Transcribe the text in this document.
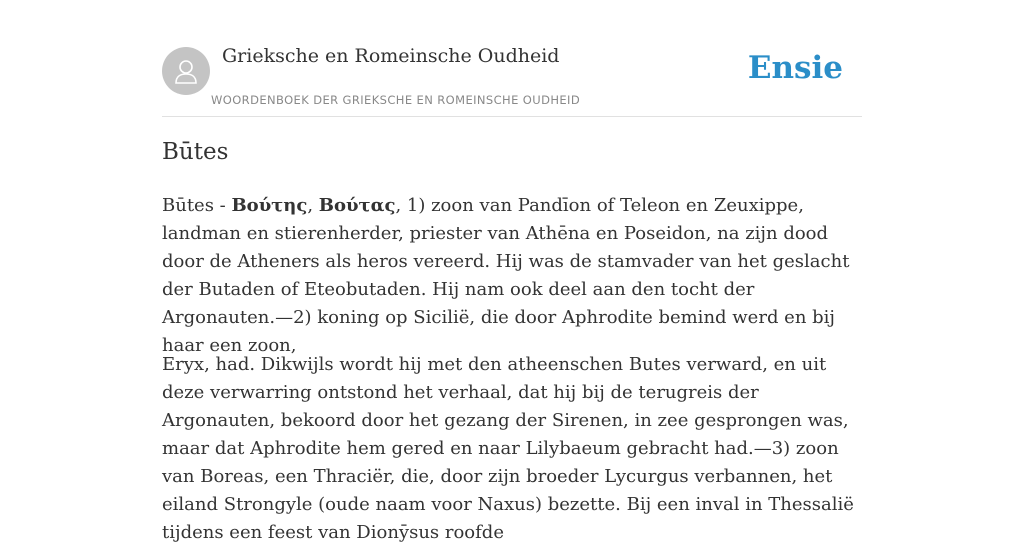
Grieksche en Romeinsche Oudheid
WOORDENBOEK DER GRIEKSCHE EN ROMEINSCHE OUDHEID
Ensie
Būtes

Būtes - Βούτης, Βούτας, 1) zoon van Pandīon of Teleon en Zeuxippe, landman en stierenherder, priester van Athēna en Poseidon, na zijn dood door de Atheners als heros vereerd. Hij was de stamvader van het geslacht der Butaden of Eteobutaden. Hij nam ook deel aan den tocht der Argonauten.—2) koning op Sicilië, die door Aphrodite bemind werd en bij haar een zoon,

Eryx, had. Dikwijls wordt hij met den atheenschen Butes verward, en uit deze verwarring ontstond het verhaal, dat hij bij de terugreis der Argonauten, bekoord door het gezang der Sirenen, in zee gesprongen was, maar dat Aphrodite hem gered en naar Lilybaeum gebracht had.—3) zoon van Boreas, een Thraciër, die, door zijn broeder Lycurgus verbannen, het eiland Strongyle (oude naam voor Naxus) bezette. Bij een inval in Thessalië tijdens een feest van Dionȳsus roofde
